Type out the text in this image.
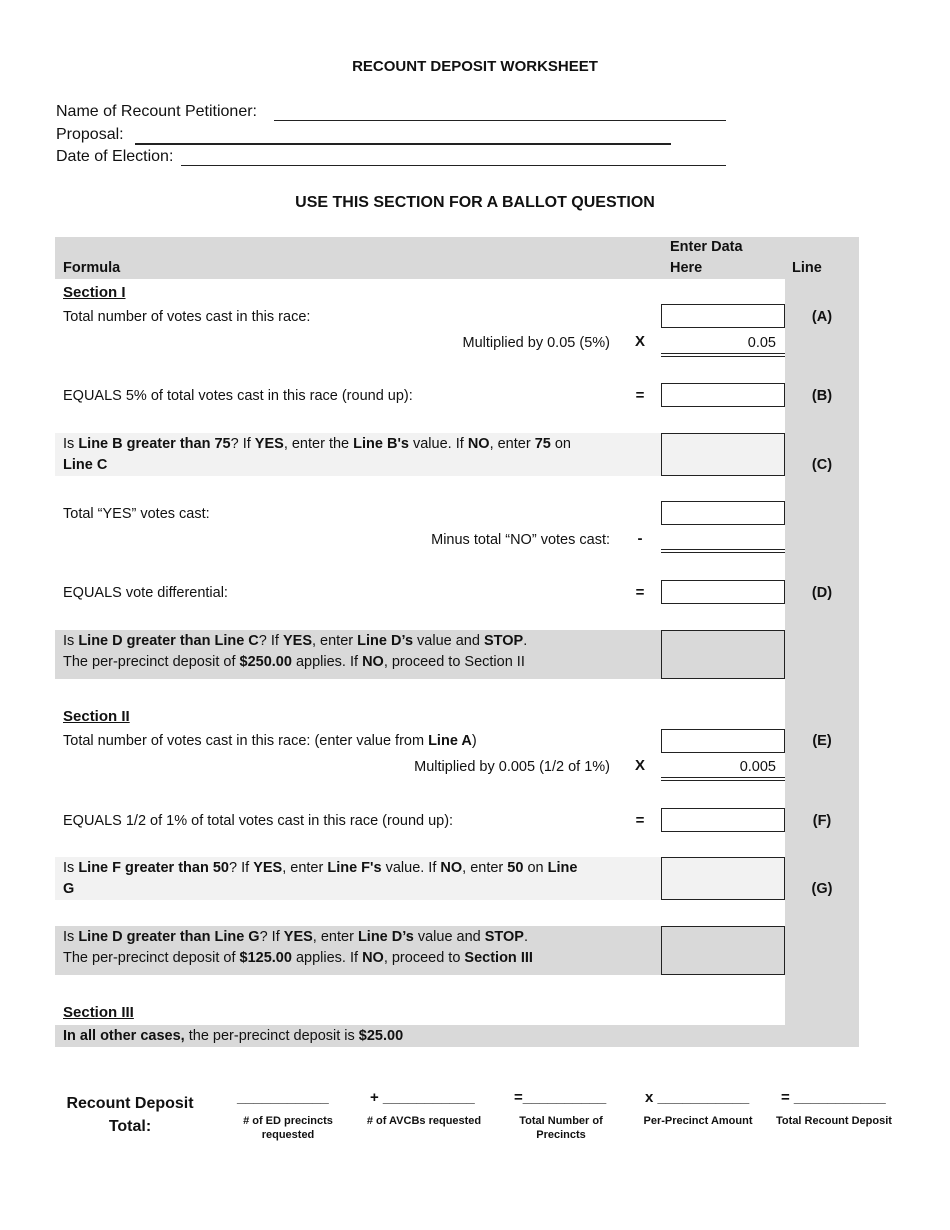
RECOUNT DEPOSIT WORKSHEET
Name of Recount Petitioner:
Proposal:
Date of Election:
USE THIS SECTION FOR A BALLOT QUESTION
Formula
Enter Data
Here	Line
Section I
Total number of votes cast in this race:	(A)
Multiplied by 0.05 (5%)	X	0.05
EQUALS 5% of total votes cast in this race (round up):	=	(B)
Is Line B greater than 75? If YES, enter the Line B's value. If NO, enter 75 on
Line C	(C)
Total “YES” votes cast:
Minus total “NO” votes cast:	-
EQUALS vote differential:	=	(D)
Is Line D greater than Line C? If YES, enter Line D’s value and STOP.
The per-precinct deposit of $250.00 applies. If NO, proceed to Section II
Section II
Total number of votes cast in this race: (enter value from Line A)	(E)
Multiplied by 0.005 (1/2 of 1%)	X	0.005
EQUALS 1/2 of 1% of total votes cast in this race (round up):	=	(F)
Is Line F greater than 50? If YES, enter Line F's value. If NO, enter 50 on Line
G	(G)
Is Line D greater than Line G? If YES, enter Line D’s value and STOP.
The per-precinct deposit of $125.00 applies. If NO, proceed to Section III
Section III
In all other cases, the per-precinct deposit is $25.00
Recount Deposit
Total:
___________	+ ___________	=__________	x ___________ = ___________
# of ED precincts
requested
# of AVCBs requested	Total Number of
Precincts
Per-Precinct Amount	Total Recount Deposit
